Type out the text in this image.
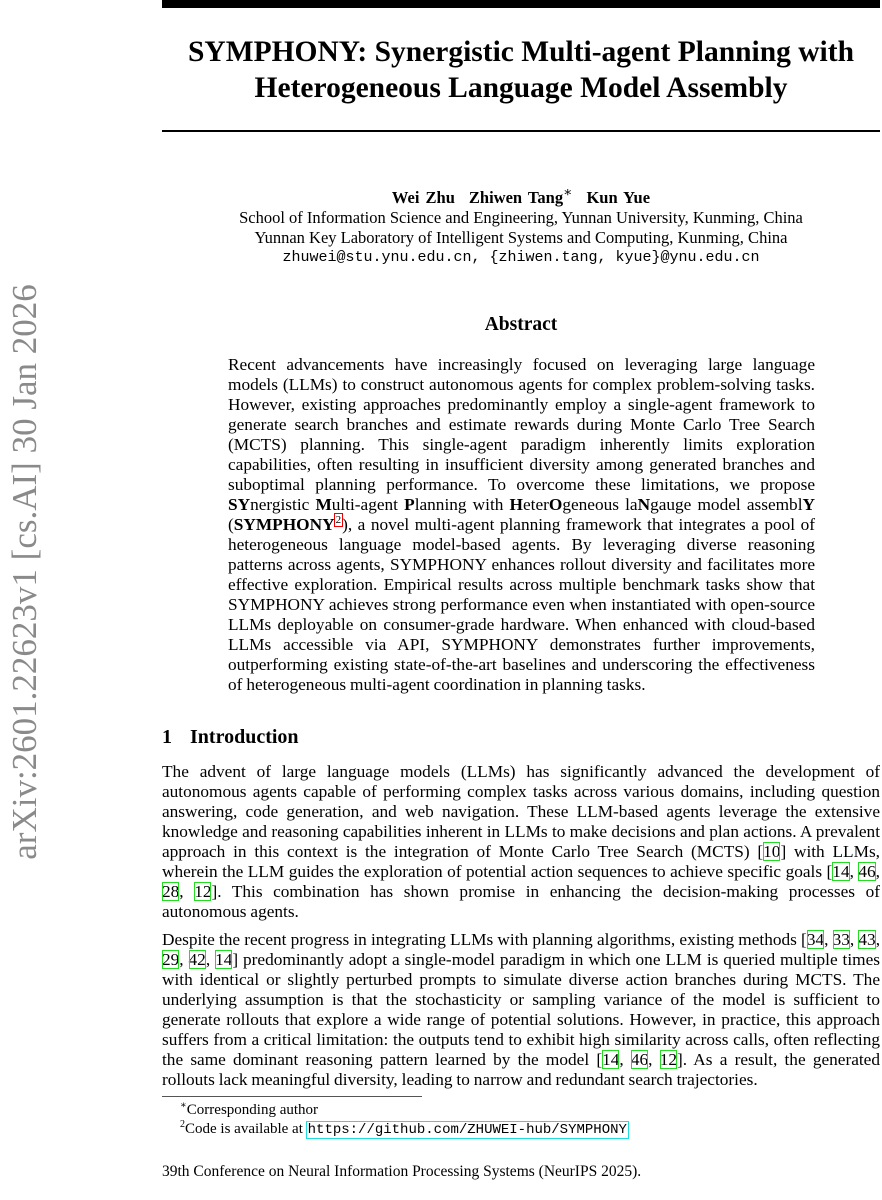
arXiv:2601.22623v1 [cs.AI] 30 Jan 2026
SYMPHONY: Synergistic Multi-agent Planning with Heterogeneous Language Model Assembly
Wei Zhu Zhiwen Tang∗ Kun Yue
School of Information Science and Engineering, Yunnan University, Kunming, China
Yunnan Key Laboratory of Intelligent Systems and Computing, Kunming, China
zhuwei@stu.ynu.edu.cn, {zhiwen.tang, kyue}@ynu.edu.cn
Abstract
Recent advancements have increasingly focused on leveraging large language models (LLMs) to construct autonomous agents for complex problem-solving tasks. However, existing approaches predominantly employ a single-agent framework to generate search branches and estimate rewards during Monte Carlo Tree Search (MCTS) planning. This single-agent paradigm inherently limits exploration capabilities, often resulting in insufficient diversity among generated branches and suboptimal planning performance. To overcome these limitations, we propose SYnergistic Multi-agent Planning with HeterOgeneous laNgauge model assemblY (SYMPHONY$^2$), a novel multi-agent planning framework that integrates a pool of heterogeneous language model-based agents. By leveraging diverse reasoning patterns across agents, SYMPHONY enhances rollout diversity and facilitates more effective exploration. Empirical results across multiple benchmark tasks show that SYMPHONY achieves strong performance even when instantiated with open-source LLMs deployable on consumer-grade hardware. When enhanced with cloud-based LLMs accessible via API, SYMPHONY demonstrates further improvements, outperforming existing state-of-the-art baselines and underscoring the effectiveness of heterogeneous multi-agent coordination in planning tasks.
1 Introduction
The advent of large language models (LLMs) has significantly advanced the development of autonomous agents capable of performing complex tasks across various domains, including question answering, code generation, and web navigation. These LLM-based agents leverage the extensive knowledge and reasoning capabilities inherent in LLMs to make decisions and plan actions. A prevalent approach in this context is the integration of Monte Carlo Tree Search (MCTS) [10] with LLMs, wherein the LLM guides the exploration of potential action sequences to achieve specific goals [14, 46, 28, 12]. This combination has shown promise in enhancing the decision-making processes of autonomous agents.
Despite the recent progress in integrating LLMs with planning algorithms, existing methods [34, 33, 43, 29, 42, 14] predominantly adopt a single-model paradigm in which one LLM is queried multiple times with identical or slightly perturbed prompts to simulate diverse action branches during MCTS. The underlying assumption is that the stochasticity or sampling variance of the model is sufficient to generate rollouts that explore a wide range of potential solutions. However, in practice, this approach suffers from a critical limitation: the outputs tend to exhibit high similarity across calls, often reflecting the same dominant reasoning pattern learned by the model [14, 46, 12]. As a result, the generated rollouts lack meaningful diversity, leading to narrow and redundant search trajectories.
∗Corresponding author
$^2$Code is available at https://github.com/ZHUWEI-hub/SYMPHONY
39th Conference on Neural Information Processing Systems (NeurIPS 2025).
